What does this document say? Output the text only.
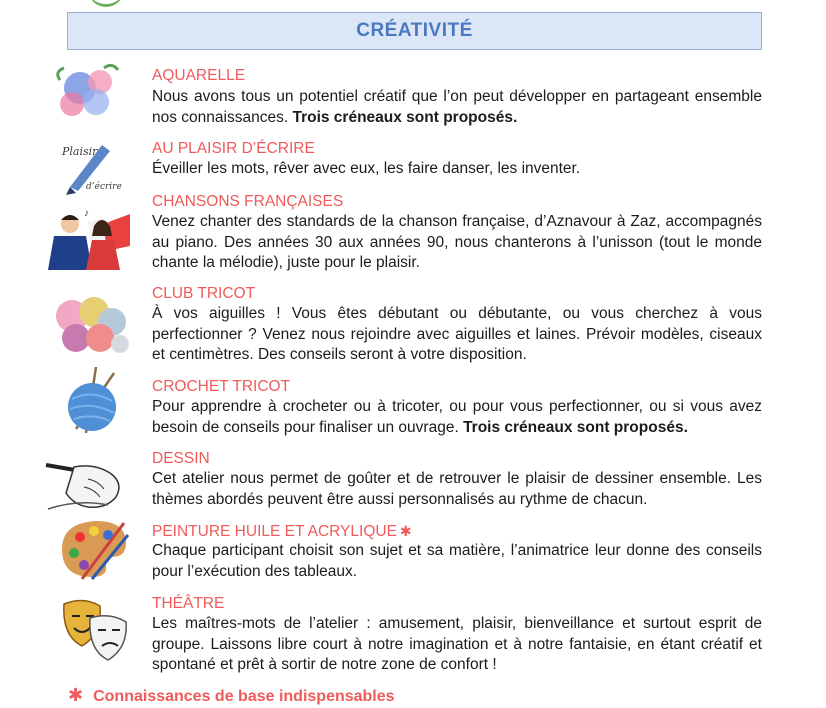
CRÉATIVITÉ
AQUARELLE
Nous avons tous un potentiel créatif que l’on peut développer en partageant ensemble nos connaissances. Trois créneaux sont proposés.
Plaisir
d’écrire
AU PLAISIR D’ÉCRIRE
Éveiller les mots, rêver avec eux, les faire danser, les inventer.
♪
CHANSONS FRANÇAISES
Venez chanter des standards de la chanson française, d’Aznavour à Zaz, accompagnés au piano. Des années 30 aux années 90, nous chanterons à l’unisson (tout le monde chante la mélodie), juste pour le plaisir.
CLUB TRICOT
À vos aiguilles ! Vous êtes débutant ou débutante, ou vous cherchez à vous perfectionner ? Venez nous rejoindre avec aiguilles et laines. Prévoir modèles, ciseaux et centimètres. Des conseils seront à votre disposition.
CROCHET TRICOT
Pour apprendre à crocheter ou à tricoter, ou pour vous perfectionner, ou si vous avez besoin de conseils pour finaliser un ouvrage. Trois créneaux sont proposés.
DESSIN
Cet atelier nous permet de goûter et de retrouver le plaisir de dessiner ensemble. Les thèmes abordés peuvent être aussi personnalisés au rythme de chacun.
PEINTURE HUILE ET ACRYLIQUE ✱
Chaque participant choisit son sujet et sa matière, l’animatrice leur donne des conseils pour l’exécution des tableaux.
THÉÂTRE
Les maîtres-mots de l’atelier : amusement, plaisir, bienveillance et surtout esprit de groupe. Laissons libre court à notre imagination et à notre fantaisie, en étant créatif et spontané et prêt à sortir de notre zone de confort !
✱ Connaissances de base indispensables
